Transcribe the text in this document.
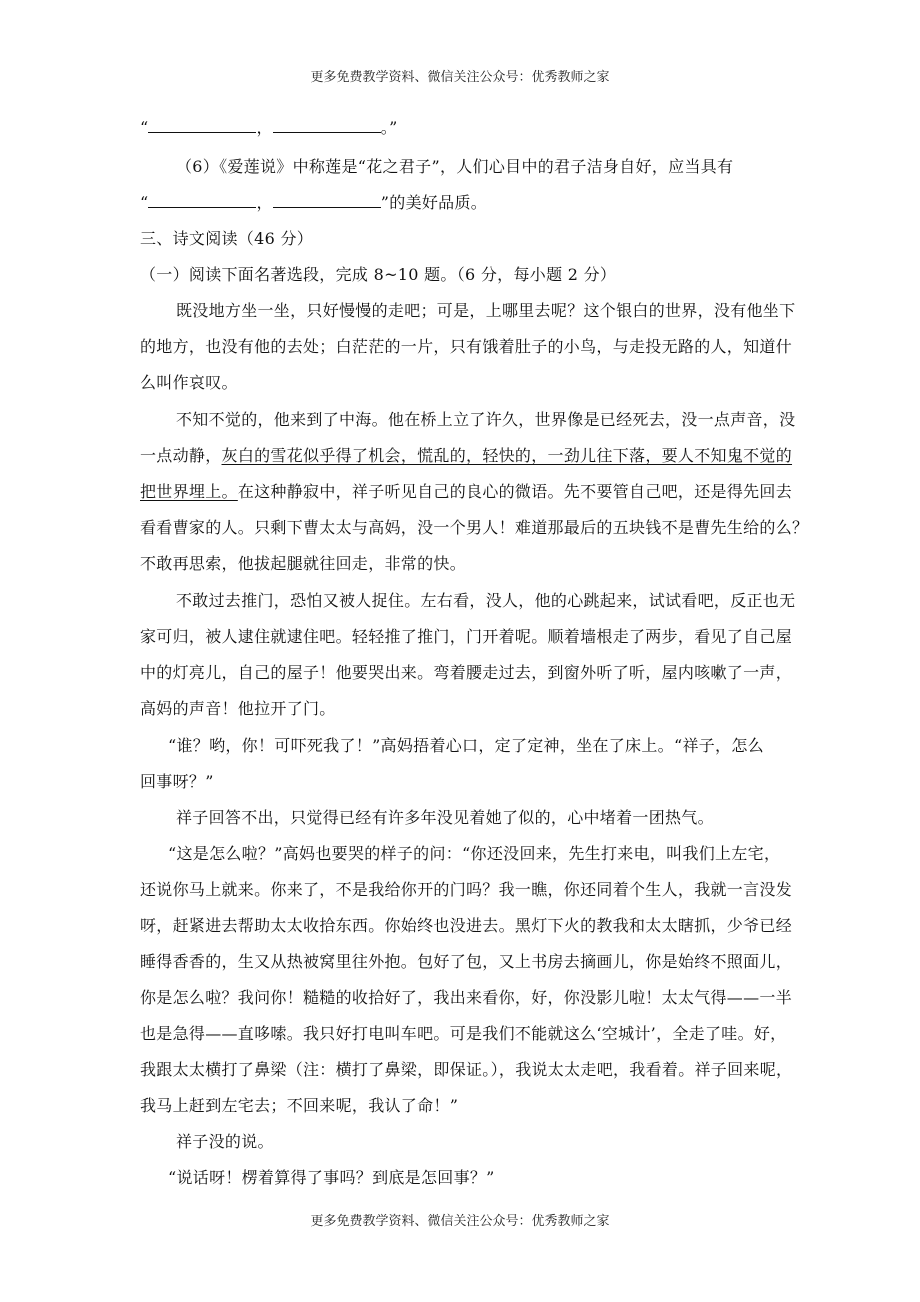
更多免费教学资料、微信关注公众号：优秀教师之家
“	，	。”
（6）《爱莲说》中称莲是“花之君子”，人们心目中的君子洁身自好，应当具有
“	，	”的美好品质。
三、诗文阅读（46 分）
（一）阅读下面名著选段，完成 8~10 题。（6 分，每小题 2 分）
既没地方坐一坐，只好慢慢的走吧；可是，上哪里去呢？这个银白的世界，没有他坐下
的地方，也没有他的去处；白茫茫的一片，只有饿着肚子的小鸟，与走投无路的人，知道什
么叫作哀叹。
不知不觉的，他来到了中海。他在桥上立了许久，世界像是已经死去，没一点声音，没
一点动静，灰白的雪花似乎得了机会，慌乱的，轻快的，一劲儿往下落，要人不知鬼不觉的
把世界埋上。在这种静寂中，祥子听见自己的良心的微语。先不要管自己吧，还是得先回去
看看曹家的人。只剩下曹太太与高妈，没一个男人！难道那最后的五块钱不是曹先生给的么？
不敢再思索，他拔起腿就往回走，非常的快。
不敢过去推门，恐怕又被人捉住。左右看，没人，他的心跳起来，试试看吧，反正也无
家可归，被人逮住就逮住吧。轻轻推了推门，门开着呢。顺着墙根走了两步，看见了自己屋
中的灯亮儿，自己的屋子！他要哭出来。弯着腰走过去，到窗外听了听，屋内咳嗽了一声，
高妈的声音！他拉开了门。
“谁？哟，你！可吓死我了！”高妈捂着心口，定了定神，坐在了床上。“祥子，怎么
回事呀？”
祥子回答不出，只觉得已经有许多年没见着她了似的，心中堵着一团热气。
“这是怎么啦？”高妈也要哭的样子的问：“你还没回来，先生打来电，叫我们上左宅，
还说你马上就来。你来了，不是我给你开的门吗？我一瞧，你还同着个生人，我就一言没发
呀，赶紧进去帮助太太收拾东西。你始终也没进去。黑灯下火的教我和太太瞎抓，少爷已经
睡得香香的，生又从热被窝里往外抱。包好了包，又上书房去摘画儿，你是始终不照面儿，
你是怎么啦？我问你！糙糙的收拾好了，我出来看你，好，你没影儿啦！太太气得——一半
也是急得——直哆嗦。我只好打电叫车吧。可是我们不能就这么‘空城计’，全走了哇。好，
我跟太太横打了鼻梁（注：横打了鼻梁，即保证。），我说太太走吧，我看着。祥子回来呢，
我马上赶到左宅去；不回来呢，我认了命！”
祥子没的说。
“说话呀！楞着算得了事吗？到底是怎回事？”
更多免费教学资料、微信关注公众号：优秀教师之家
